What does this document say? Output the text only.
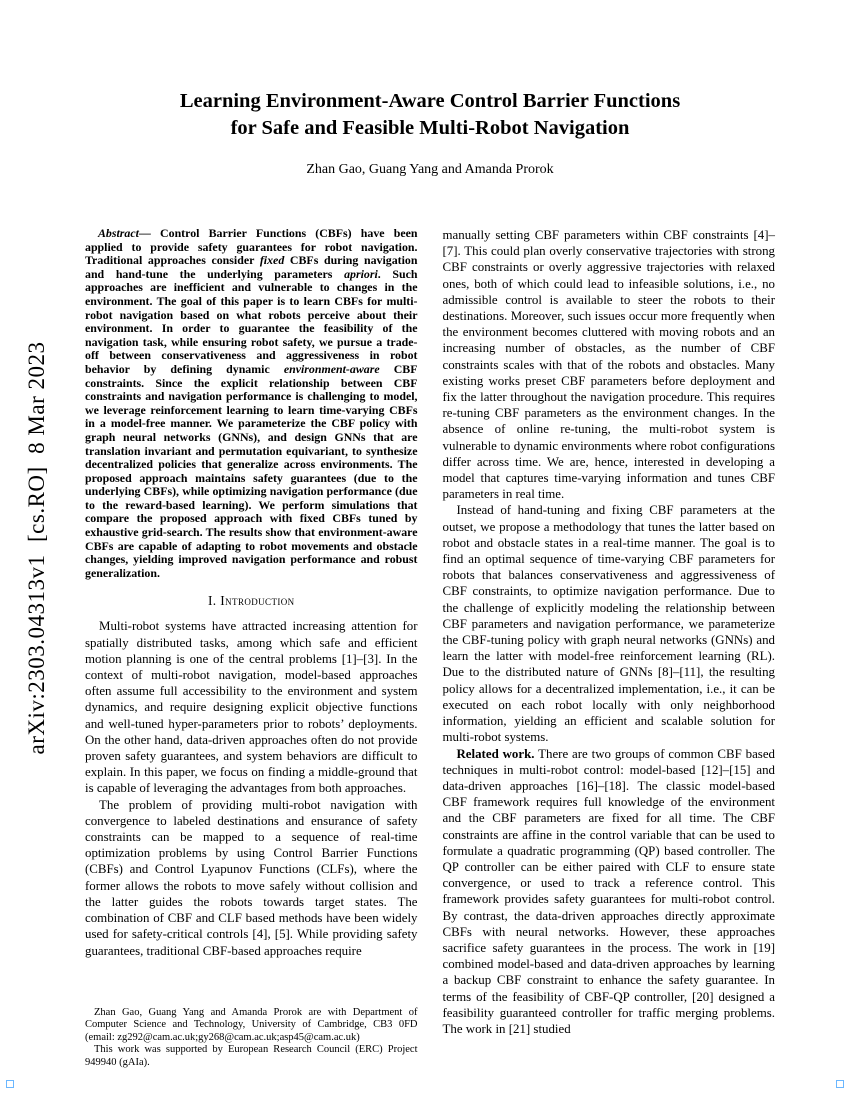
arXiv:2303.04313v1  [cs.RO]  8 Mar 2023
Learning Environment-Aware Control Barrier Functions
for Safe and Feasible Multi-Robot Navigation
Zhan Gao, Guang Yang and Amanda Prorok

Abstract— Control Barrier Functions (CBFs) have been applied to provide safety guarantees for robot navigation. Traditional approaches consider fixed CBFs during navigation and hand-tune the underlying parameters apriori. Such approaches are inefficient and vulnerable to changes in the environment. The goal of this paper is to learn CBFs for multi-robot navigation based on what robots perceive about their environment. In order to guarantee the feasibility of the navigation task, while ensuring robot safety, we pursue a trade-off between conservativeness and aggressiveness in robot behavior by defining dynamic environment-aware CBF constraints. Since the explicit relationship between CBF constraints and navigation performance is challenging to model, we leverage reinforcement learning to learn time-varying CBFs in a model-free manner. We parameterize the CBF policy with graph neural networks (GNNs), and design GNNs that are translation invariant and permutation equivariant, to synthesize decentralized policies that generalize across environments. The proposed approach maintains safety guarantees (due to the underlying CBFs), while optimizing navigation performance (due to the reward-based learning). We perform simulations that compare the proposed approach with fixed CBFs tuned by exhaustive grid-search. The results show that environment-aware CBFs are capable of adapting to robot movements and obstacle changes, yielding improved navigation performance and robust generalization.

I. Introduction

Multi-robot systems have attracted increasing attention for spatially distributed tasks, among which safe and efficient motion planning is one of the central problems [1]–[3]. In the context of multi-robot navigation, model-based approaches often assume full accessibility to the environment and system dynamics, and require designing explicit objective functions and well-tuned hyper-parameters prior to robots’ deployments. On the other hand, data-driven approaches often do not provide proven safety guarantees, and system behaviors are difficult to explain. In this paper, we focus on finding a middle-ground that is capable of leveraging the advantages from both approaches.

The problem of providing multi-robot navigation with convergence to labeled destinations and ensurance of safety constraints can be mapped to a sequence of real-time optimization problems by using Control Barrier Functions (CBFs) and Control Lyapunov Functions (CLFs), where the former allows the robots to move safely without collision and the latter guides the robots towards target states. The combination of CBF and CLF based methods have been widely used for safety-critical controls [4], [5]. While providing safety guarantees, traditional CBF-based approaches require

Zhan Gao, Guang Yang and Amanda Prorok are with Department of Computer Science and Technology, University of Cambridge, CB3 0FD (email: zg292@cam.ac.uk;gy268@cam.ac.uk;asp45@cam.ac.uk)

This work was supported by European Research Council (ERC) Project 949940 (gAIa).

manually setting CBF parameters within CBF constraints [4]–[7]. This could plan overly conservative trajectories with strong CBF constraints or overly aggressive trajectories with relaxed ones, both of which could lead to infeasible solutions, i.e., no admissible control is available to steer the robots to their destinations. Moreover, such issues occur more frequently when the environment becomes cluttered with moving robots and an increasing number of obstacles, as the number of CBF constraints scales with that of the robots and obstacles. Many existing works preset CBF parameters before deployment and fix the latter throughout the navigation procedure. This requires re-tuning CBF parameters as the environment changes. In the absence of online re-tuning, the multi-robot system is vulnerable to dynamic environments where robot configurations differ across time. We are, hence, interested in developing a model that captures time-varying information and tunes CBF parameters in real time.

Instead of hand-tuning and fixing CBF parameters at the outset, we propose a methodology that tunes the latter based on robot and obstacle states in a real-time manner. The goal is to find an optimal sequence of time-varying CBF parameters for robots that balances conservativeness and aggressiveness of CBF constraints, to optimize navigation performance. Due to the challenge of explicitly modeling the relationship between CBF parameters and navigation performance, we parameterize the CBF-tuning policy with graph neural networks (GNNs) and learn the latter with model-free reinforcement learning (RL). Due to the distributed nature of GNNs [8]–[11], the resulting policy allows for a decentralized implementation, i.e., it can be executed on each robot locally with only neighborhood information, yielding an efficient and scalable solution for multi-robot systems.

Related work. There are two groups of common CBF based techniques in multi-robot control: model-based [12]–[15] and data-driven approaches [16]–[18]. The classic model-based CBF framework requires full knowledge of the environment and the CBF parameters are fixed for all time. The CBF constraints are affine in the control variable that can be used to formulate a quadratic programming (QP) based controller. The QP controller can be either paired with CLF to ensure state convergence, or used to track a reference control. This framework provides safety guarantees for multi-robot control. By contrast, the data-driven approaches directly approximate CBFs with neural networks. However, these approaches sacrifice safety guarantees in the process. The work in [19] combined model-based and data-driven approaches by learning a backup CBF constraint to enhance the safety guarantee. In terms of the feasibility of CBF-QP controller, [20] designed a feasibility guaranteed controller for traffic merging problems. The work in [21] studied
